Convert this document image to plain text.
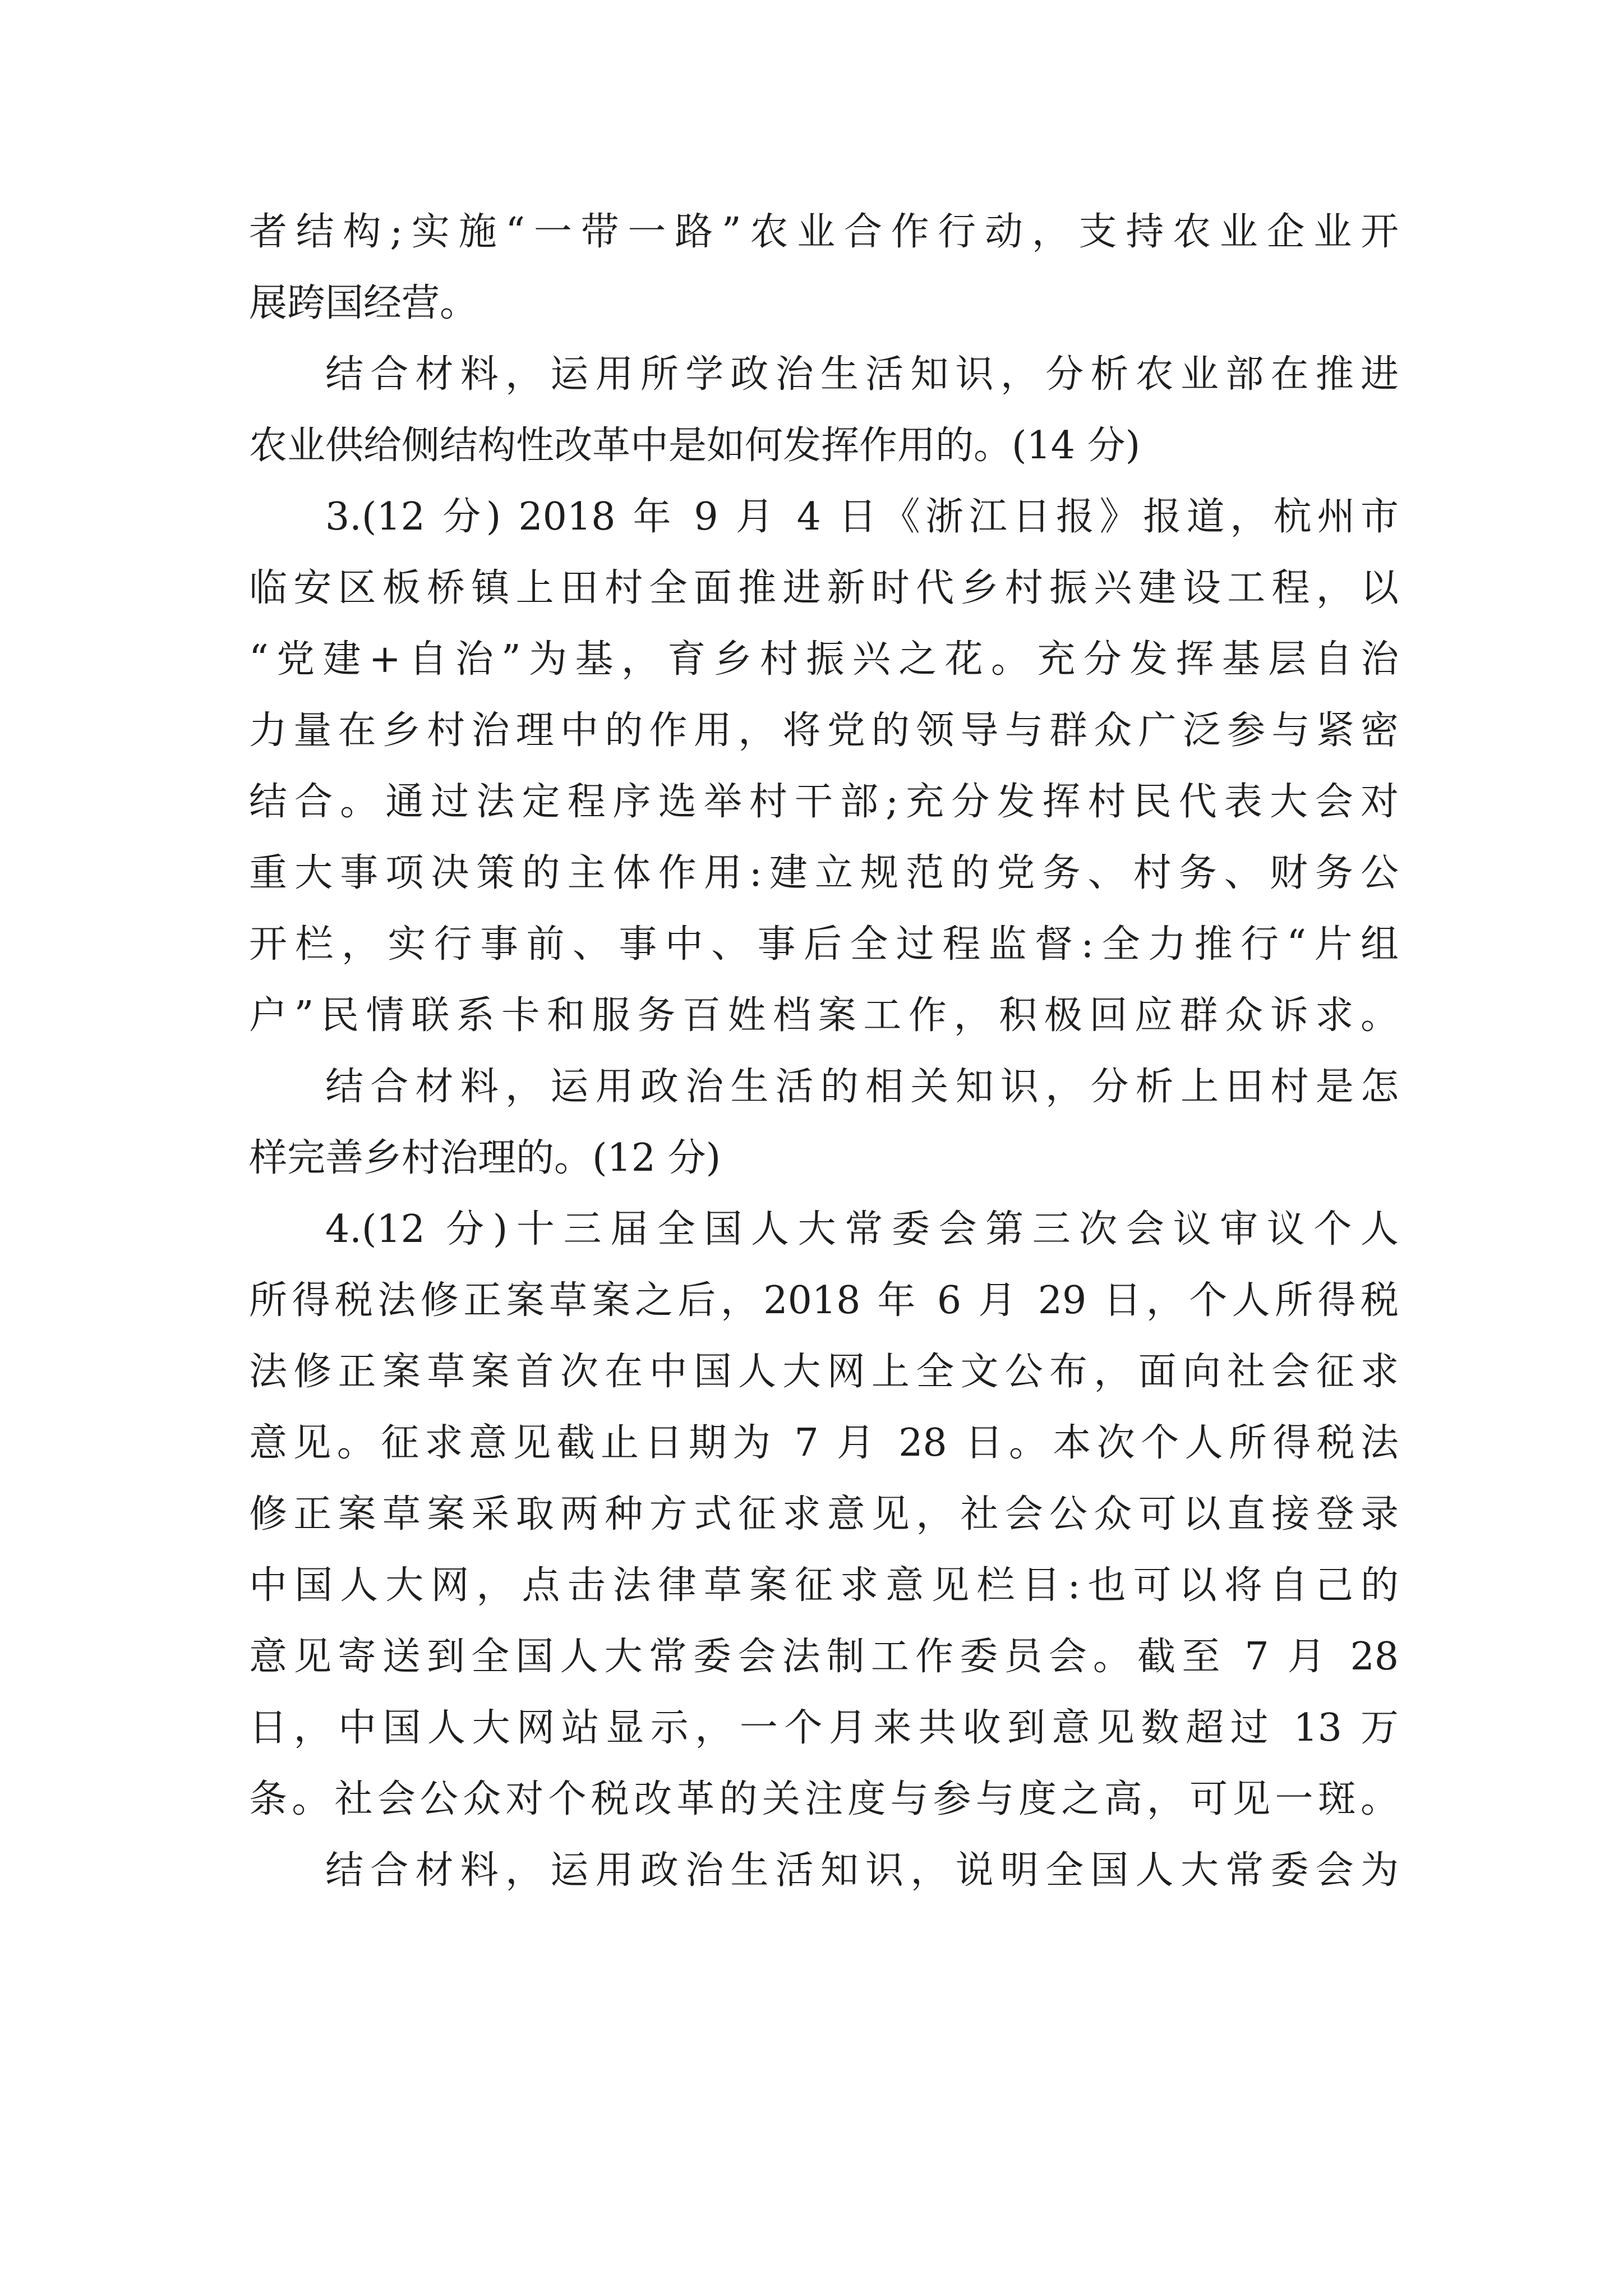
者结构;实施“一带一路”农业合作行动，支持农业企业开
展跨国经营。
结合材料，运用所学政治生活知识，分析农业部在推进
农业供给侧结构性改革中是如何发挥作用的。(14 分)
3.(12 分) 2018 年 9 月 4 日《浙江日报》报道，杭州市
临安区板桥镇上田村全面推进新时代乡村振兴建设工程，以
“党建+自治”为基，育乡村振兴之花。充分发挥基层自治
力量在乡村治理中的作用，将党的领导与群众广泛参与紧密
结合。通过法定程序选举村干部;充分发挥村民代表大会对
重大事项决策的主体作用:建立规范的党务、村务、财务公
开栏，实行事前、事中、事后全过程监督:全力推行“片组
户”民情联系卡和服务百姓档案工作，积极回应群众诉求。
结合材料，运用政治生活的相关知识，分析上田村是怎
样完善乡村治理的。(12 分)
4.(12 分)十三届全国人大常委会第三次会议审议个人
所得税法修正案草案之后，2018 年 6 月 29 日，个人所得税
法修正案草案首次在中国人大网上全文公布，面向社会征求
意见。征求意见截止日期为 7 月 28 日。本次个人所得税法
修正案草案采取两种方式征求意见，社会公众可以直接登录
中国人大网，点击法律草案征求意见栏目:也可以将自己的
意见寄送到全国人大常委会法制工作委员会。截至 7 月 28
日，中国人大网站显示，一个月来共收到意见数超过 13 万
条。社会公众对个税改革的关注度与参与度之高，可见一斑。
结合材料，运用政治生活知识，说明全国人大常委会为
